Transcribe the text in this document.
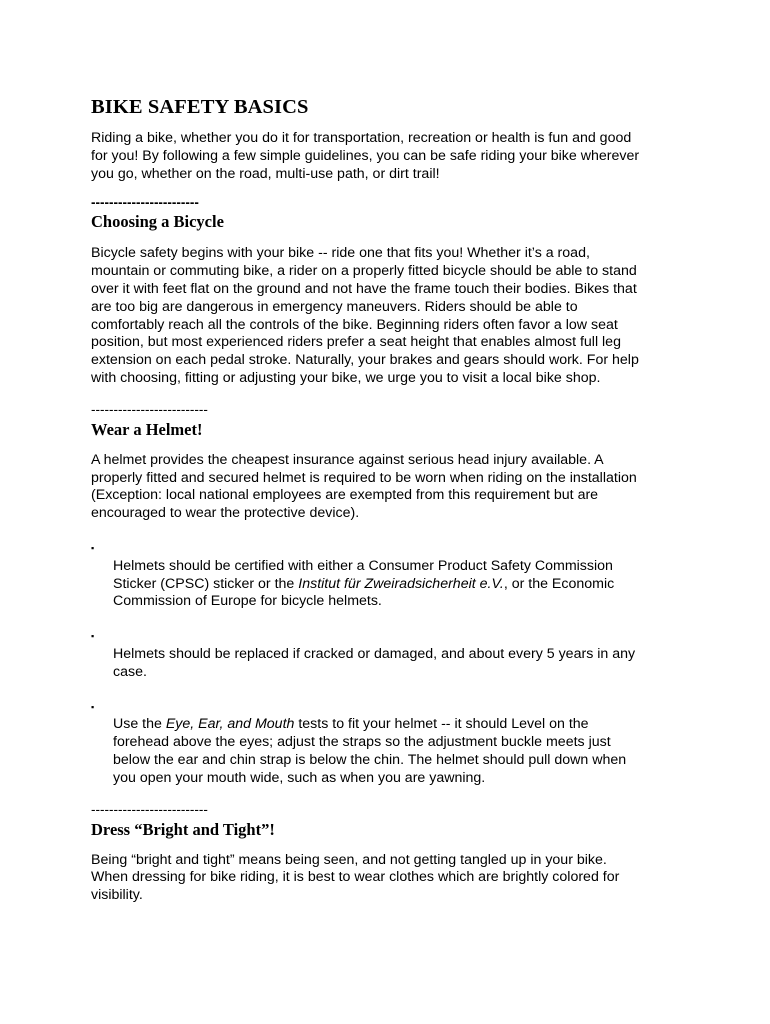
BIKE SAFETY BASICS

Riding a bike, whether you do it for transportation, recreation or health is fun and good
for you! By following a few simple guidelines, you can be safe riding your bike wherever
you go, whether on the road, multi-use path, or dirt trail!

------------------------

Choosing a Bicycle

Bicycle safety begins with your bike -- ride one that fits you! Whether it’s a road,
mountain or commuting bike, a rider on a properly fitted bicycle should be able to stand
over it with feet flat on the ground and not have the frame touch their bodies. Bikes that
are too big are dangerous in emergency maneuvers. Riders should be able to
comfortably reach all the controls of the bike. Beginning riders often favor a low seat
position, but most experienced riders prefer a seat height that enables almost full leg
extension on each pedal stroke. Naturally, your brakes and gears should work. For help
with choosing, fitting or adjusting your bike, we urge you to visit a local bike shop.

--------------------------

Wear a Helmet!

A helmet provides the cheapest insurance against serious head injury available. A
properly fitted and secured helmet is required to be worn when riding on the installation
(Exception: local national employees are exempted from this requirement but are
encouraged to wear the protective device).

▪
Helmets should be certified with either a Consumer Product Safety Commission
Sticker (CPSC) sticker or the Institut für Zweiradsicherheit e.V., or the Economic
Commission of Europe for bicycle helmets.

▪
Helmets should be replaced if cracked or damaged, and about every 5 years in any
case.

▪
Use the Eye, Ear, and Mouth tests to fit your helmet -- it should Level on the
forehead above the eyes; adjust the straps so the adjustment buckle meets just
below the ear and chin strap is below the chin. The helmet should pull down when
you open your mouth wide, such as when you are yawning.

--------------------------

Dress “Bright and Tight”!

Being “bright and tight” means being seen, and not getting tangled up in your bike.
When dressing for bike riding, it is best to wear clothes which are brightly colored for
visibility.
